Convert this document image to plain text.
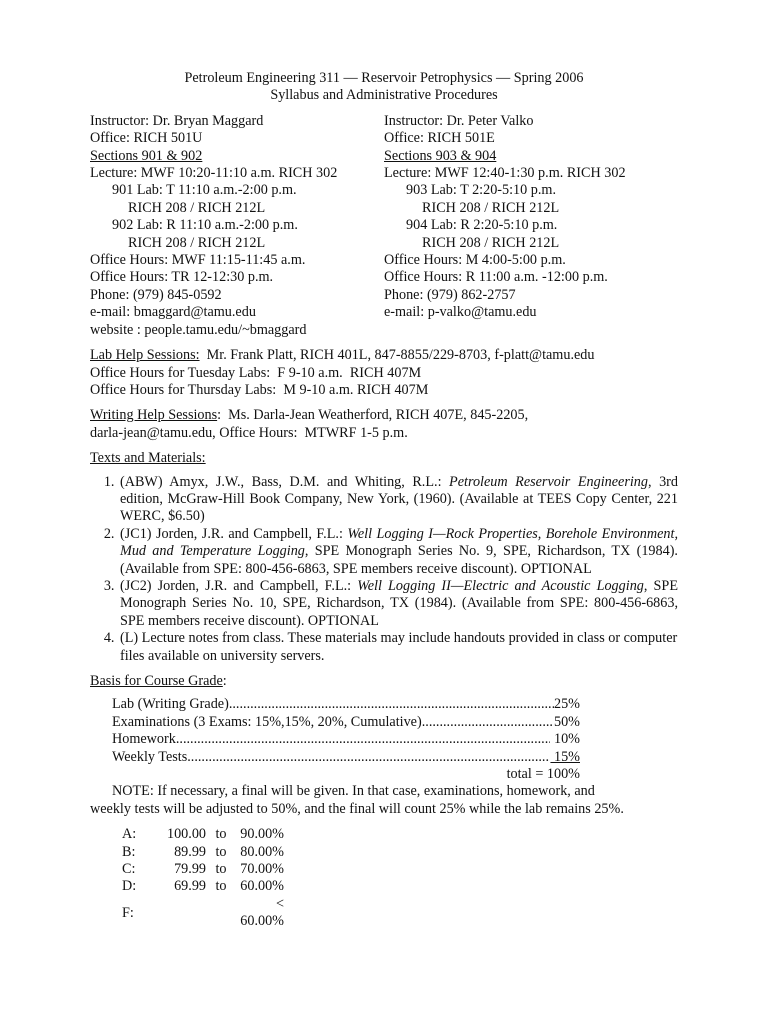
Petroleum Engineering 311 — Reservoir Petrophysics — Spring 2006
Syllabus and Administrative Procedures
Instructor: Dr. Bryan Maggard
Office: RICH 501U
Sections 901 & 902
Lecture: MWF 10:20-11:10 a.m. RICH 302
901 Lab: T 11:10 a.m.-2:00 p.m.
RICH 208 / RICH 212L
902 Lab: R 11:10 a.m.-2:00 p.m.
RICH 208 / RICH 212L
Office Hours: MWF 11:15-11:45 a.m.
Office Hours: TR 12-12:30 p.m.
Phone: (979) 845-0592
e-mail: bmaggard@tamu.edu
website : people.tamu.edu/~bmaggard
Instructor: Dr. Peter Valko
Office: RICH 501E
Sections 903 & 904
Lecture: MWF 12:40-1:30 p.m. RICH 302
903 Lab: T 2:20-5:10 p.m.
RICH 208 / RICH 212L
904 Lab: R 2:20-5:10 p.m.
RICH 208 / RICH 212L
Office Hours: M 4:00-5:00 p.m.
Office Hours: R 11:00 a.m. -12:00 p.m.
Phone: (979) 862-2757
e-mail: p-valko@tamu.edu
Lab Help Sessions:  Mr. Frank Platt, RICH 401L, 847-8855/229-8703, f-platt@tamu.edu
Office Hours for Tuesday Labs:  F 9-10 a.m.  RICH 407M
Office Hours for Thursday Labs:  M 9-10 a.m. RICH 407M
Writing Help Sessions:  Ms. Darla-Jean Weatherford, RICH 407E, 845-2205,
darla-jean@tamu.edu, Office Hours:  MTWRF 1-5 p.m.
Texts and Materials:
1. (ABW) Amyx, J.W., Bass, D.M. and Whiting, R.L.: Petroleum Reservoir Engineering, 3rd edition, McGraw-Hill Book Company, New York, (1960). (Available at TEES Copy Center, 221 WERC, $6.50)
2. (JC1) Jorden, J.R. and Campbell, F.L.: Well Logging I—Rock Properties, Borehole Environment, Mud and Temperature Logging, SPE Monograph Series No. 9, SPE, Richardson, TX (1984). (Available from SPE: 800-456-6863, SPE members receive discount). OPTIONAL
3. (JC2) Jorden, J.R. and Campbell, F.L.: Well Logging II—Electric and Acoustic Logging, SPE Monograph Series No. 10, SPE, Richardson, TX (1984). (Available from SPE: 800-456-6863, SPE members receive discount). OPTIONAL
4. (L) Lecture notes from class. These materials may include handouts provided in class or computer files available on university servers.
Basis for Course Grade:
Lab (Writing Grade) .....	25%
Examinations (3 Exams: 15%,15%, 20%, Cumulative) .....	50%
Homework .....	10%
Weekly Tests .....	15%
total = 100%
NOTE: If necessary, a final will be given. In that case, examinations, homework, and
weekly tests will be adjusted to 50%, and the final will count 25% while the lab remains 25%.
A:	100.00	to	90.00%
B:	89.99	to	80.00%
C:	79.99	to	70.00%
D:	69.99	to	60.00%
F:			< 60.00%
